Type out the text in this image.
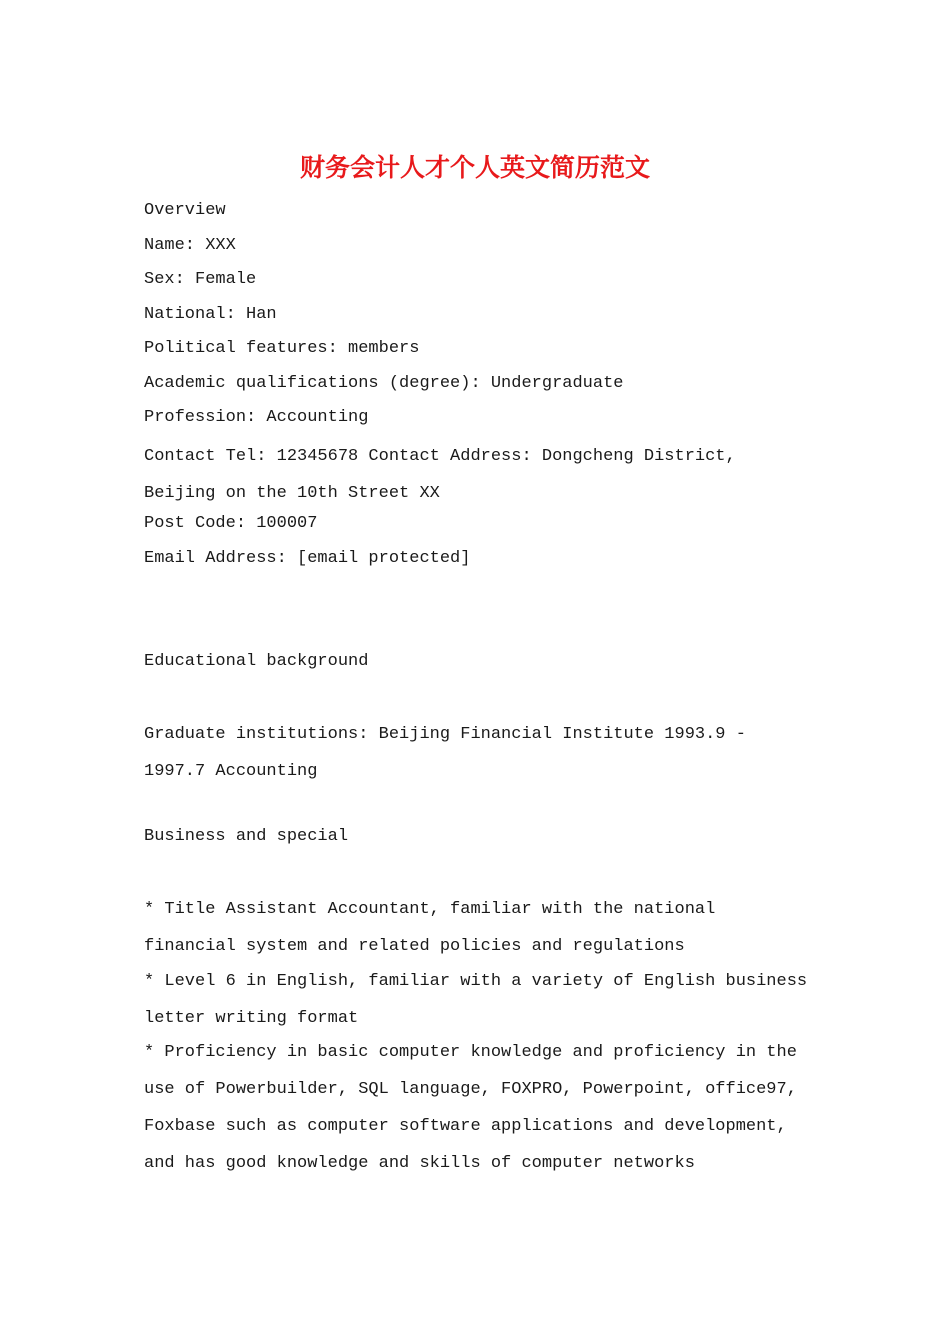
财务会计人才个人英文简历范文
Overview
Name: XXX
Sex: Female
National: Han
Political features: members
Academic qualifications (degree): Undergraduate
Profession: Accounting
Contact Tel: 12345678 Contact Address: Dongcheng District, Beijing on the 10th Street XX
Post Code: 100007
Email Address: [email protected]
Educational background
Graduate institutions: Beijing Financial Institute 1993.9 - 1997.7 Accounting
Business and special
* Title Assistant Accountant, familiar with the national financial system and related policies and regulations
* Level 6 in English, familiar with a variety of English business letter writing format
* Proficiency in basic computer knowledge and proficiency in the use of Powerbuilder, SQL language, FOXPRO, Powerpoint, office97, Foxbase such as computer software applications and development, and has good knowledge and skills of computer networks
